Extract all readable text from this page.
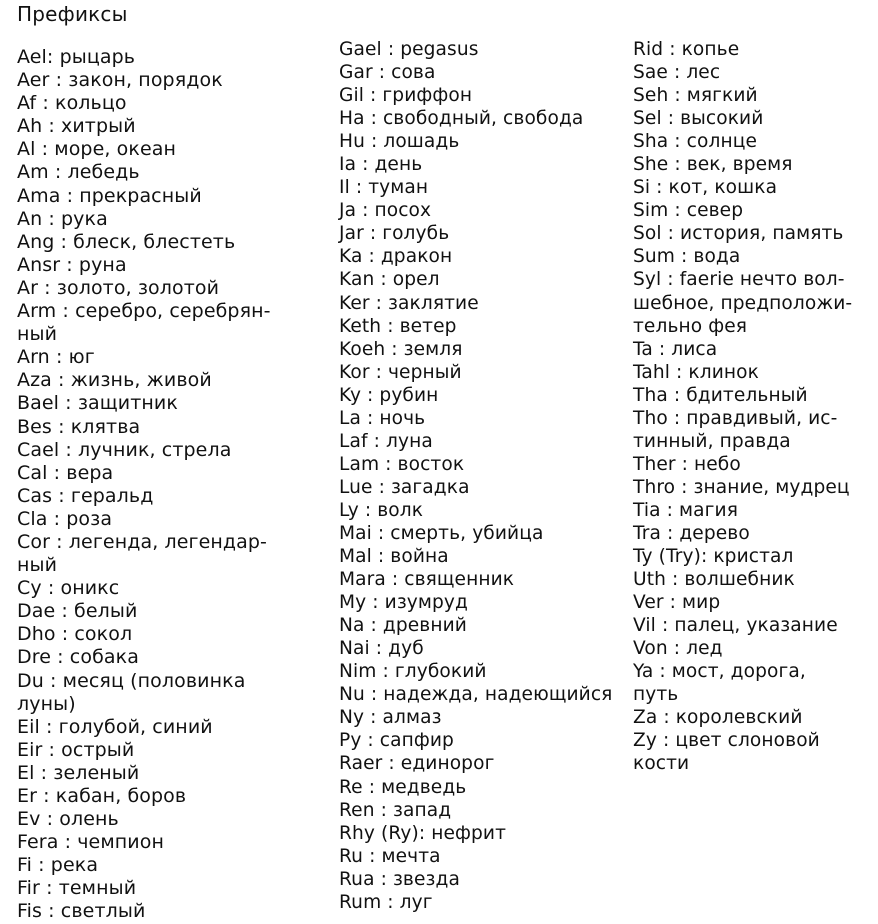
Префиксы
Ael: рыцарь
Aer : закон, порядок
Af : кольцо
Ah : хитрый
Al : море, океан
Am : лебедь
Ama : прекрасный
An : рука
Ang : блеск, блестеть
Ansr : руна
Ar : золото, золотой
Arm : серебро, серебрян-
ный
Arn : юг
Aza : жизнь, живой
Bael : защитник
Bes : клятва
Cael : лучник, стрела
Cal : вера
Cas : геральд
Cla : роза
Cor : легенда, легендар-
ный
Cy : оникс
Dae : белый
Dho : сокол
Dre : собака
Du : месяц (половинка
луны)
Eil : голубой, синий
Eir : острый
El : зеленый
Er : кабан, боров
Ev : олень
Fera : чемпион
Fi : река
Fir : темный
Fis : светлый
Gael : pegasus
Gar : сова
Gil : гриффон
Ha : свободный, свобода
Hu : лошадь
Ia : день
Il : туман
Ja : посох
Jar : голубь
Ka : дракон
Kan : орел
Ker : заклятие
Keth : ветер
Koeh : земля
Kor : черный
Ky : рубин
La : ночь
Laf : луна
Lam : восток
Lue : загадка
Ly : волк
Mai : смерть, убийца
Mal : война
Mara : священник
My : изумруд
Na : древний
Nai : дуб
Nim : глубокий
Nu : надежда, надеющийся
Ny : алмаз
Py : сапфир
Raer : единорог
Re : медведь
Ren : запад
Rhy (Ry): нефрит
Ru : мечта
Rua : звезда
Rum : луг
Rid : копье
Sae : лес
Seh : мягкий
Sel : высокий
Sha : солнце
She : век, время
Si : кот, кошка
Sim : север
Sol : история, память
Sum : вода
Syl : faerie нечто вол-
шебное, предположи-
тельно фея
Ta : лиса
Tahl : клинок
Tha : бдительный
Tho : правдивый, ис-
тинный, правда
Ther : небо
Thro : знание, мудрец
Tia : магия
Tra : дерево
Ty (Try): кристал
Uth : волшебник
Ver : мир
Vil : палец, указание
Von : лед
Ya : мост, дорога,
путь
Za : королевский
Zy : цвет слоновой
кости
